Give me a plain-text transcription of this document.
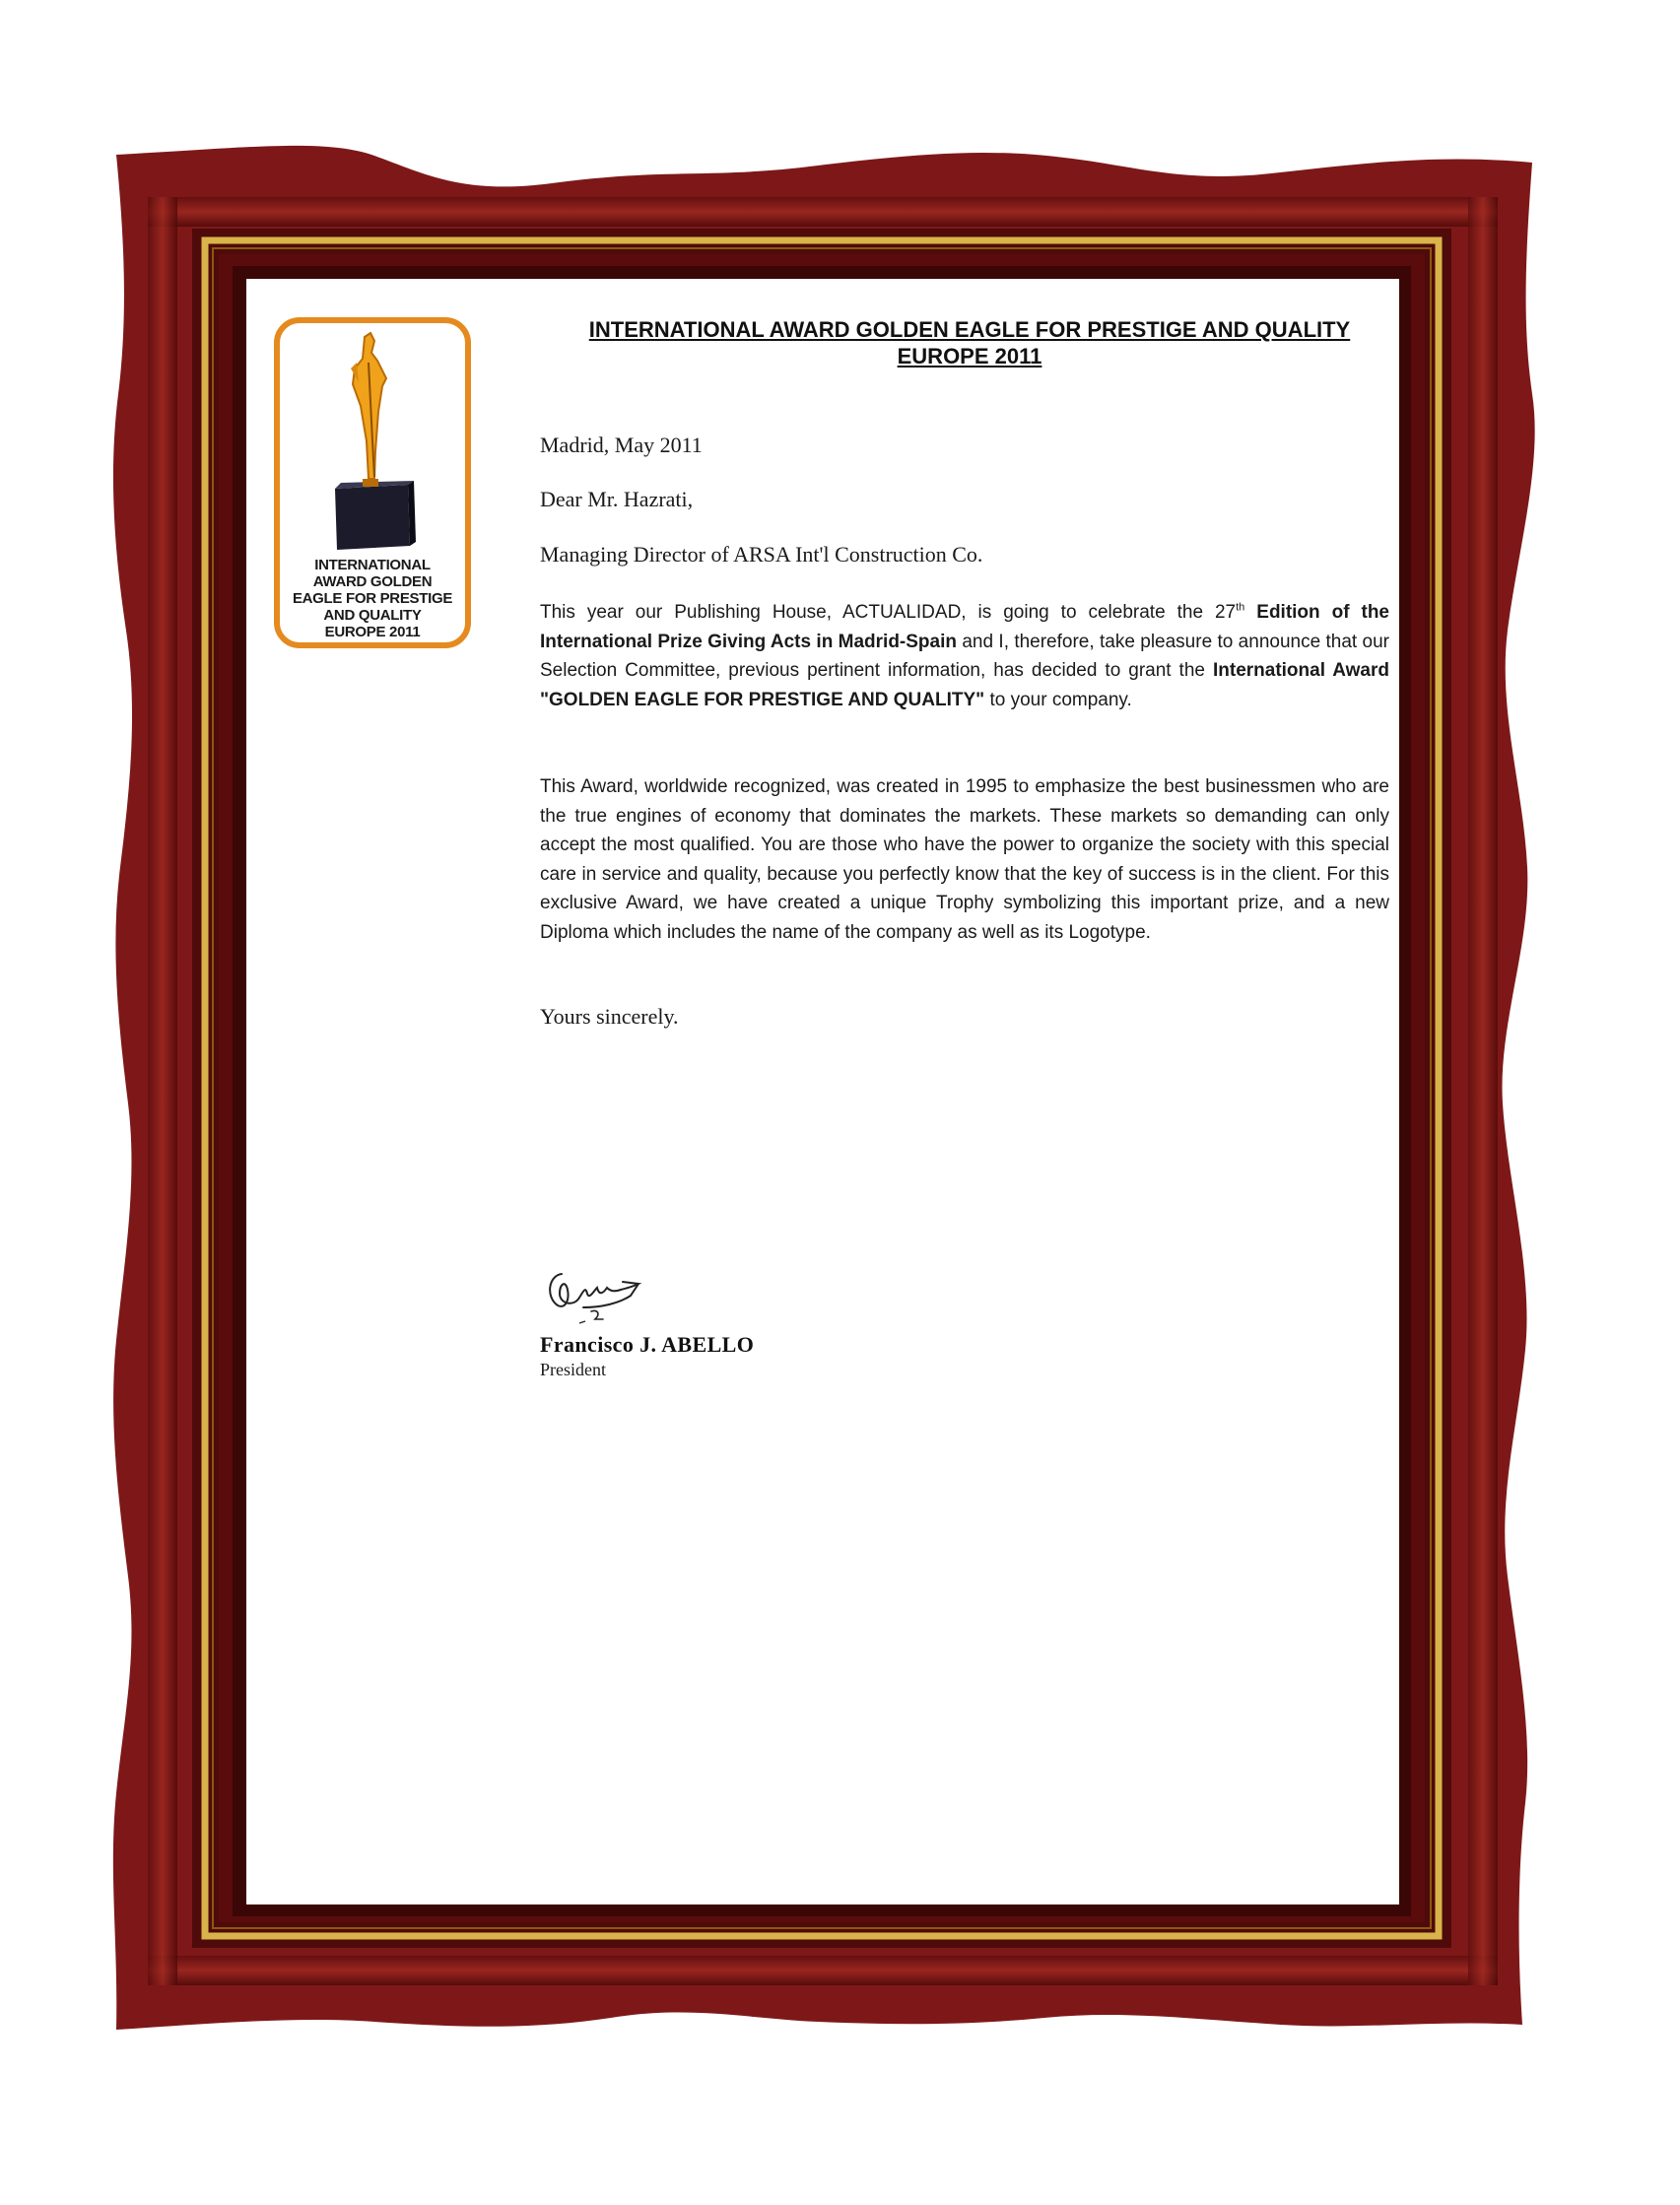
INTERNATIONAL
AWARD GOLDEN
EAGLE FOR PRESTIGE
AND QUALITY
EUROPE 2011
INTERNATIONAL AWARD GOLDEN EAGLE FOR PRESTIGE AND QUALITY
EUROPE 2011

Madrid, May 2011

Dear Mr. Hazrati,

Managing Director of ARSA Int'l Construction Co.

This year our Publishing House, ACTUALIDAD, is going to celebrate the 27th Edition of the International Prize Giving Acts in Madrid-Spain and I, therefore, take pleasure to announce that our Selection Committee, previous pertinent information, has decided to grant the International Award "GOLDEN EAGLE FOR PRESTIGE AND QUALITY" to your company.

This Award, worldwide recognized, was created in 1995 to emphasize the best businessmen who are the true engines of economy that dominates the markets. These markets so demanding can only accept the most qualified. You are those who have the power to organize the society with this special care in service and quality, because you perfectly know that the key of success is in the client. For this exclusive Award, we have created a unique Trophy symbolizing this important prize, and a new Diploma which includes the name of the company as well as its Logotype.

Yours sincerely.

Francisco J. ABELLO

President
